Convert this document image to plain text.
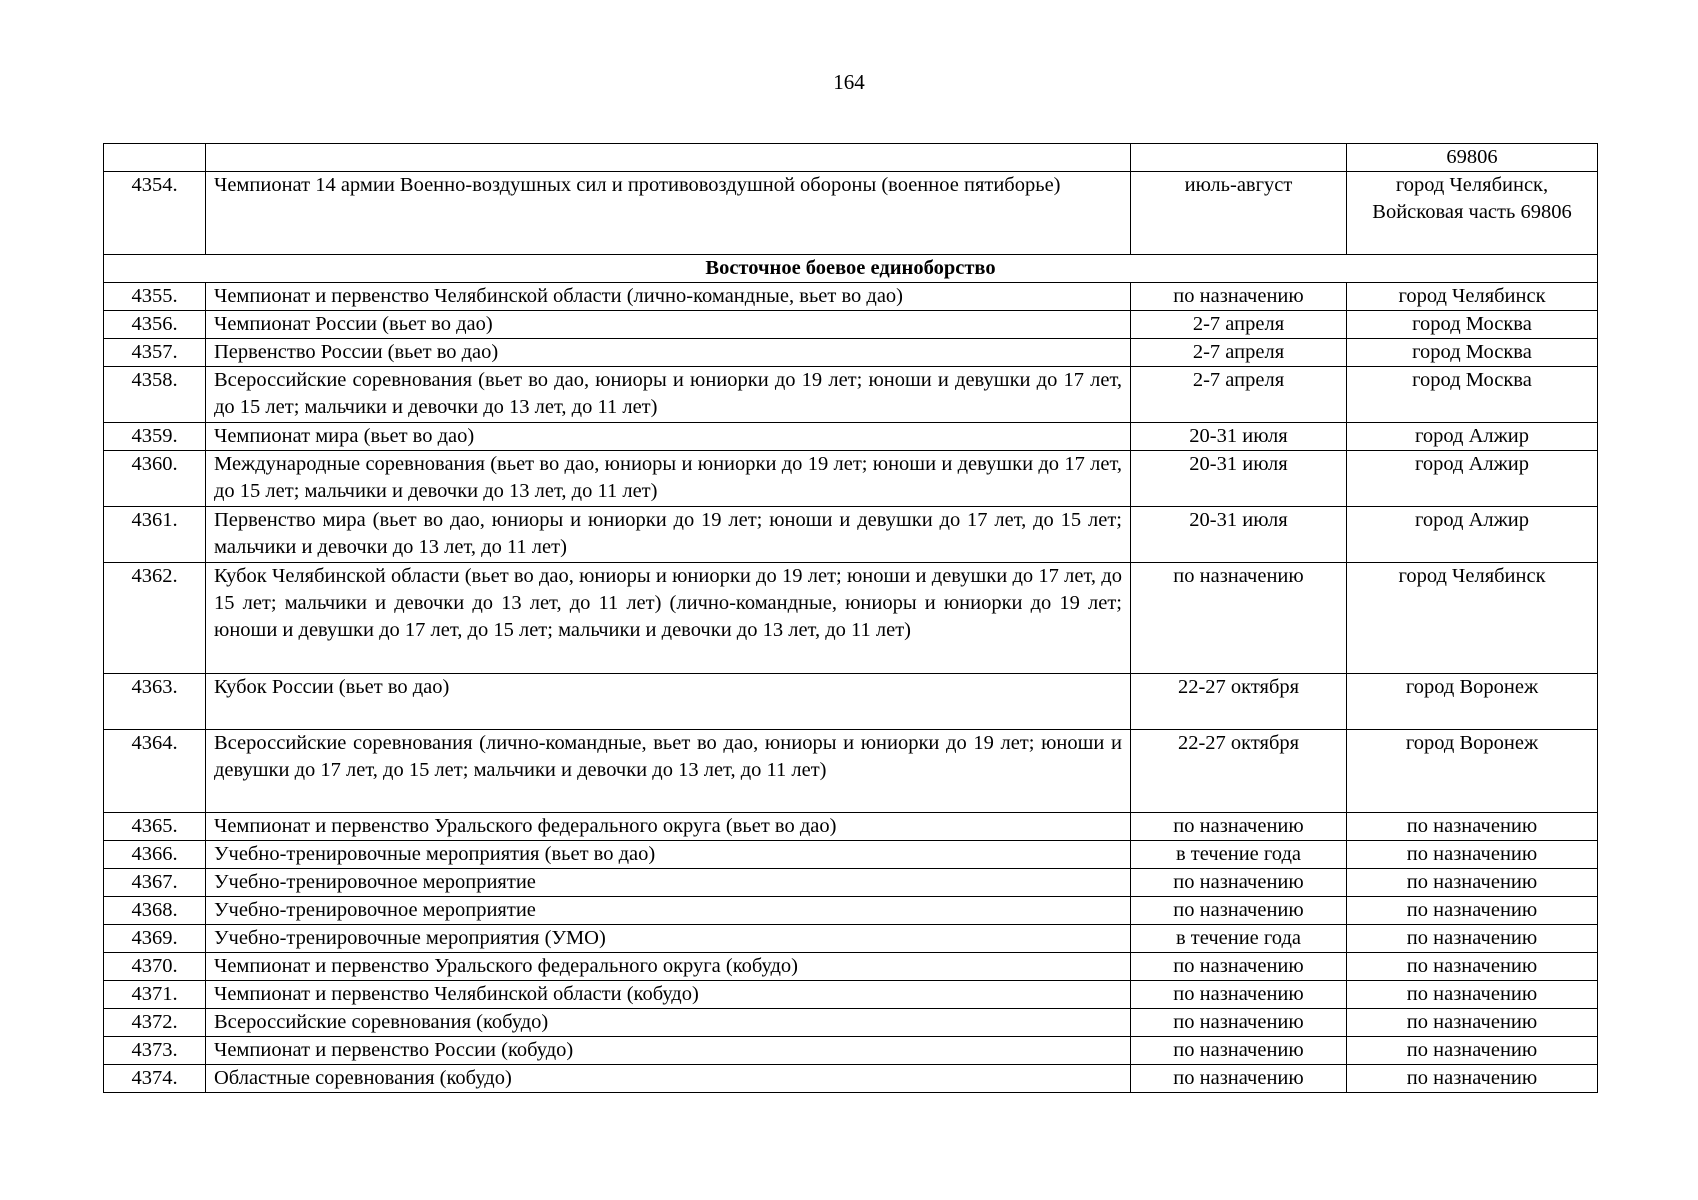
164
			69806
4354.	Чемпионат 14 армии Военно-воздушных сил и противовоздушной обороны (военное пятиборье)	июль-август	город Челябинск, Войсковая часть 69806
Восточное боевое единоборство			
4355.	Чемпионат и первенство Челябинской области (лично-командные, вьет во дао)	по назначению	город Челябинск
4356.	Чемпионат России (вьет во дао)	2-7 апреля	город Москва
4357.	Первенство России (вьет во дао)	2-7 апреля	город Москва
4358.	Всероссийские соревнования (вьет во дао, юниоры и юниорки до 19 лет; юноши и девушки до 17 лет, до 15 лет; мальчики и девочки до 13 лет, до 11 лет)	2-7 апреля	город Москва
4359.	Чемпионат мира (вьет во дао)	20-31 июля	город Алжир
4360.	Международные соревнования (вьет во дао, юниоры и юниорки до 19 лет; юноши и девушки до 17 лет, до 15 лет; мальчики и девочки до 13 лет, до 11 лет)	20-31 июля	город Алжир
4361.	Первенство мира (вьет во дао, юниоры и юниорки до 19 лет; юноши и девушки до 17 лет, до 15 лет; мальчики и девочки до 13 лет, до 11 лет)	20-31 июля	город Алжир
4362.	Кубок Челябинской области (вьет во дао, юниоры и юниорки до 19 лет; юноши и девушки до 17 лет, до 15 лет; мальчики и девочки до 13 лет, до 11 лет) (лично-командные, юниоры и юниорки до 19 лет; юноши и девушки до 17 лет, до 15 лет; мальчики и девочки до 13 лет, до 11 лет)	по назначению	город Челябинск
4363.	Кубок России (вьет во дао)	22-27 октября	город Воронеж
4364.	Всероссийские соревнования (лично-командные, вьет во дао, юниоры и юниорки до 19 лет; юноши и девушки до 17 лет, до 15 лет; мальчики и девочки до 13 лет, до 11 лет)	22-27 октября	город Воронеж
4365.	Чемпионат и первенство Уральского федерального округа (вьет во дао)	по назначению	по назначению
4366.	Учебно-тренировочные мероприятия (вьет во дао)	в течение года	по назначению
4367.	Учебно-тренировочное мероприятие	по назначению	по назначению
4368.	Учебно-тренировочное мероприятие	по назначению	по назначению
4369.	Учебно-тренировочные мероприятия (УМО)	в течение года	по назначению
4370.	Чемпионат и первенство Уральского федерального округа (кобудо)	по назначению	по назначению
4371.	Чемпионат и первенство Челябинской области (кобудо)	по назначению	по назначению
4372.	Всероссийские соревнования (кобудо)	по назначению	по назначению
4373.	Чемпионат и первенство России (кобудо)	по назначению	по назначению
4374.	Областные соревнования (кобудо)	по назначению	по назначению
